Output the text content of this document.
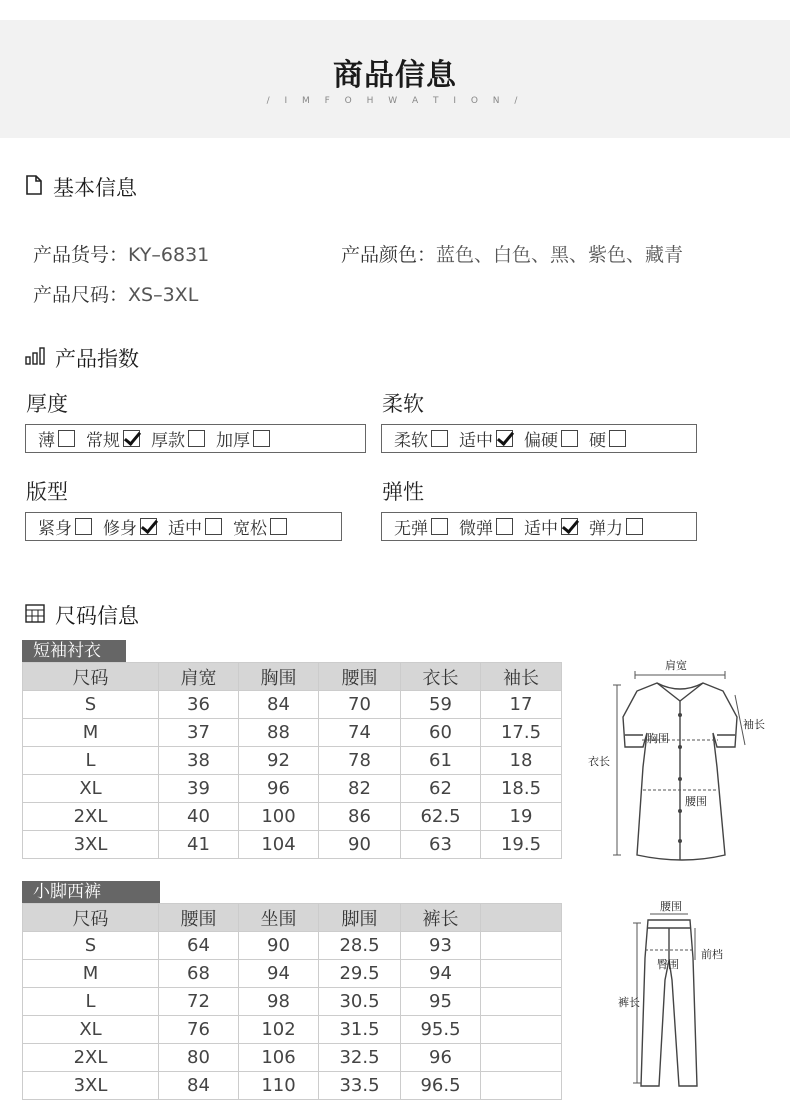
商品信息
/ I M F O H W A T I O N /
基本信息
产品货号：KY–6831	产品颜色：蓝色、白色、黑、紫色、藏青
产品尺码：XS–3XL
产品指数
厚度
薄 常规 厚款 加厚
柔软
柔软 适中 偏硬 硬
版型
紧身 修身 适中 宽松
弹性
无弹 微弹 适中 弹力
尺码信息
短袖衬衣
尺码	肩宽	胸围	腰围	衣长	袖长
S	36	84	70	59	17
M	37	88	74	60	17.5
L	38	92	78	61	18
XL	39	96	82	62	18.5
2XL	40	100	86	62.5	19
3XL	41	104	90	63	19.5
小脚西裤
尺码	腰围	坐围	脚围	裤长	
S	64	90	28.5	93	
M	68	94	29.5	94	
L	72	98	30.5	95	
XL	76	102	31.5	95.5	
2XL	80	106	32.5	96	
3XL	84	110	33.5	96.5	
肩宽
袖长
胸围
衣长
腰围
腰围
前档
臀围
裤长
